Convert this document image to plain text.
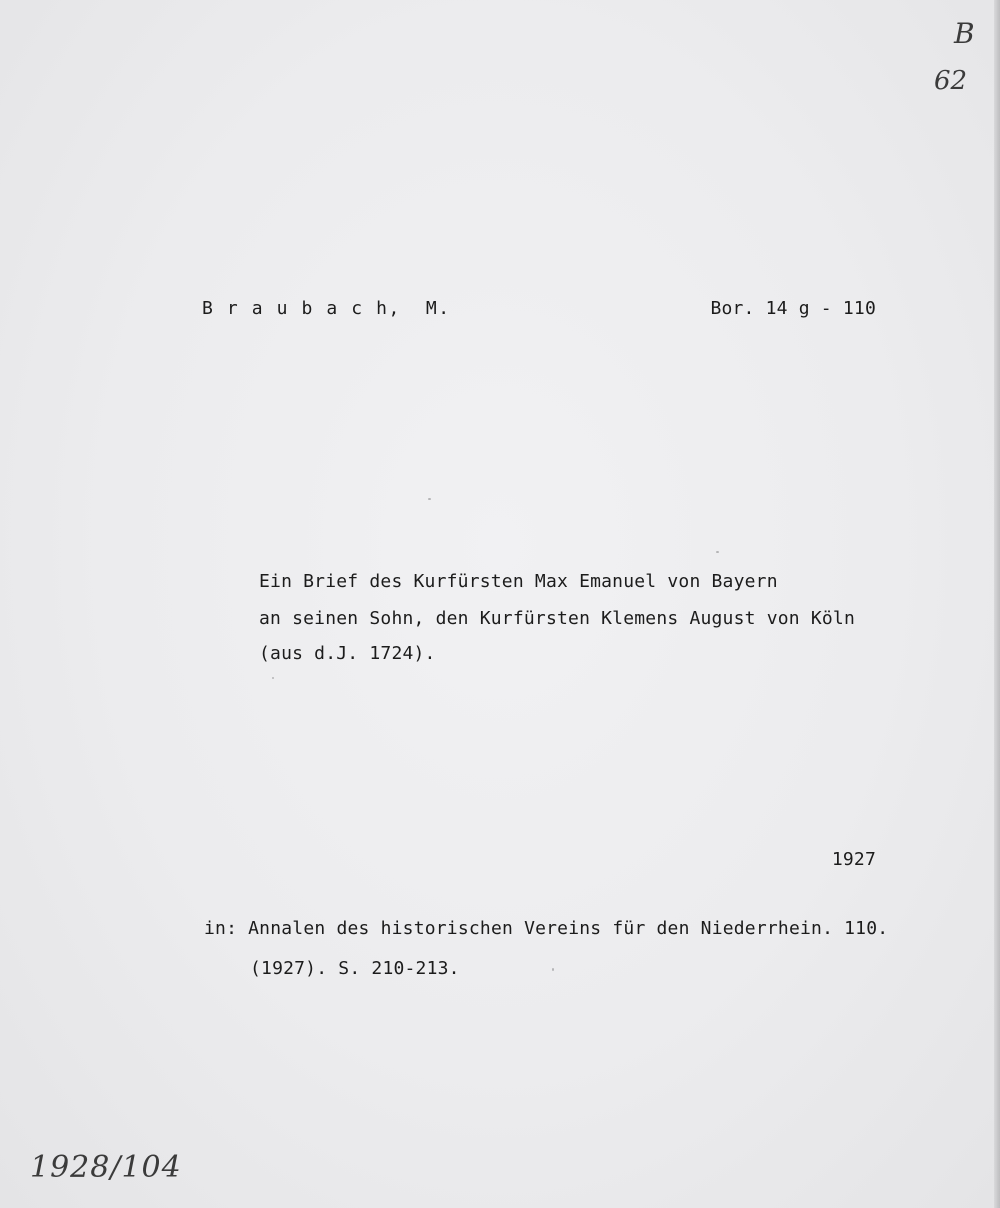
B
62
B r a u b a c h,  M.	Bor. 14 g - 110
Ein Brief des Kurfürsten Max Emanuel von Bayern
an seinen Sohn, den Kurfürsten Klemens August von Köln
(aus d.J. 1724).
1927
in: Annalen des historischen Vereins für den Niederrhein. 110.
(1927). S. 210-213.
1928/104
